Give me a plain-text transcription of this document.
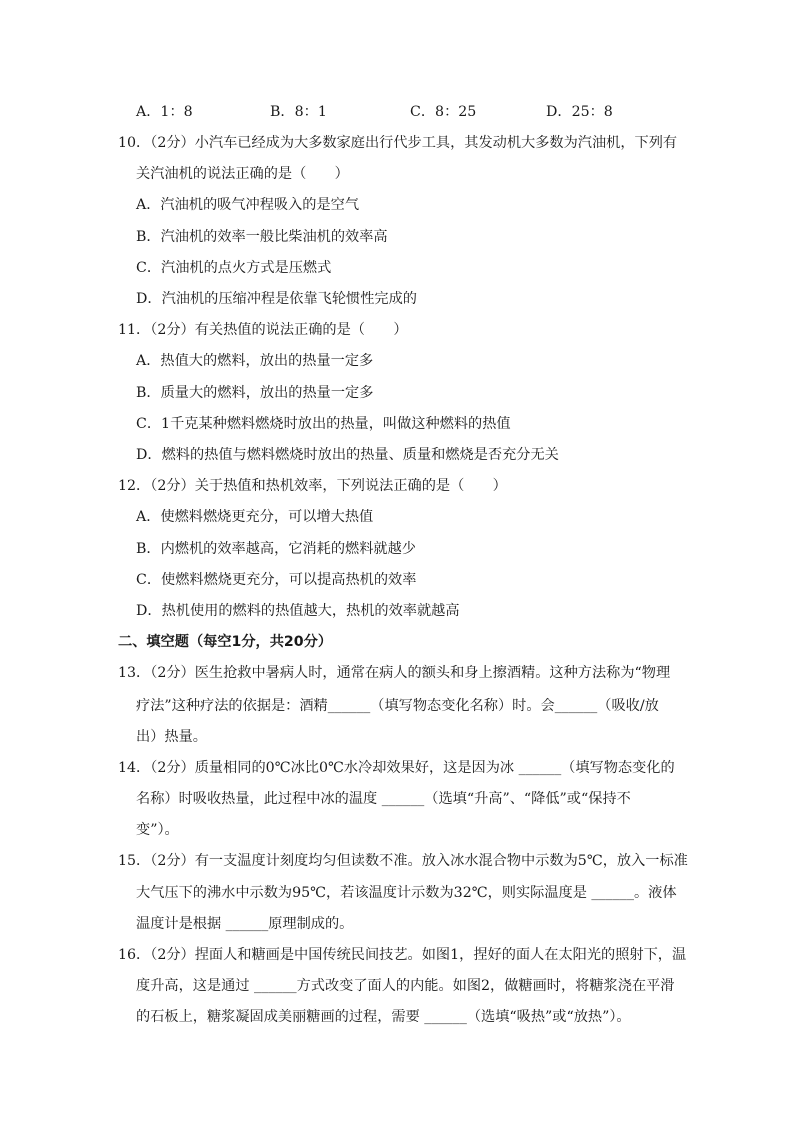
A．1：8	B．8：1	C．8：25	D．25：8
10．（2分）小汽车已经成为大多数家庭出行代步工具，其发动机大多数为汽油机，下列有
关汽油机的说法正确的是（　　）
A．汽油机的吸气冲程吸入的是空气
B．汽油机的效率一般比柴油机的效率高
C．汽油机的点火方式是压燃式
D．汽油机的压缩冲程是依靠飞轮惯性完成的
11．（2分）有关热值的说法正确的是（　　）
A．热值大的燃料，放出的热量一定多
B．质量大的燃料，放出的热量一定多
C．1千克某种燃料燃烧时放出的热量，叫做这种燃料的热值
D．燃料的热值与燃料燃烧时放出的热量、质量和燃烧是否充分无关
12．（2分）关于热值和热机效率，下列说法正确的是（　　）
A．使燃料燃烧更充分，可以增大热值
B．内燃机的效率越高，它消耗的燃料就越少
C．使燃料燃烧更充分，可以提高热机的效率
D．热机使用的燃料的热值越大，热机的效率就越高
二、填空题（每空1分，共20分）
13．（2分）医生抢救中暑病人时，通常在病人的额头和身上擦酒精。这种方法称为“物理
疗法”这种疗法的依据是：酒精______（填写物态变化名称）时。会______（吸收/放
出）热量。
14．（2分）质量相同的0℃冰比0℃水冷却效果好，这是因为冰 ______（填写物态变化的
名称）时吸收热量，此过程中冰的温度 ______（选填“升高”、“降低”或“保持不
变”）。
15．（2分）有一支温度计刻度均匀但读数不准。放入冰水混合物中示数为5℃，放入一标准
大气压下的沸水中示数为95℃，若该温度计示数为32℃，则实际温度是 ______。液体
温度计是根据 ______原理制成的。
16．（2分）捏面人和糖画是中国传统民间技艺。如图1，捏好的面人在太阳光的照射下，温
度升高，这是通过 ______方式改变了面人的内能。如图2，做糖画时，将糖浆浇在平滑
的石板上，糖浆凝固成美丽糖画的过程，需要 ______（选填“吸热”或“放热”）。
